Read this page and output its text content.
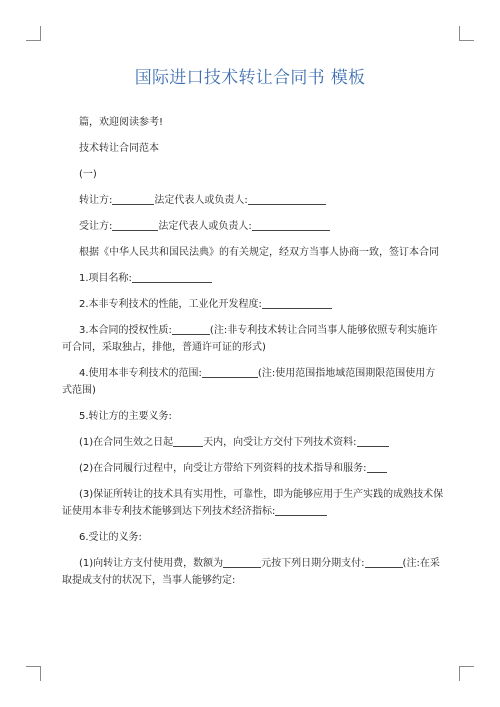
国际进口技术转让合同书 模板

篇，欢迎阅读参考!

技术转让合同范本

(一)

转让方:	法定代表人或负责人:

受让方:	法定代表人或负责人:

根据《中华人民共和国民法典》的有关规定，经双方当事人协商一致，签订本合同

1.项目名称:

2.本非专利技术的性能，工业化开发程度:

3.本合同的授权性质:	(注:非专利技术转让合同当事人能够依照专利实施许可合同，采取独占，排他，普通许可证的形式)

4.使用本非专利技术的范围:	(注:使用范围指地域范围期限范围使用方式范围)

5.转让方的主要义务:

(1)在合同生效之日起	天内，向受让方交付下列技术资料:

(2)在合同履行过程中，向受让方带给下列资料的技术指导和服务:

(3)保证所转让的技术具有实用性，可靠性，即为能够应用于生产实践的成熟技术保证使用本非专利技术能够到达下列技术经济指标:

6.受让的义务:

(1)向转让方支付使用费，数额为	元按下列日期分期支付:	(注:在采取提成支付的状况下，当事人能够约定:
